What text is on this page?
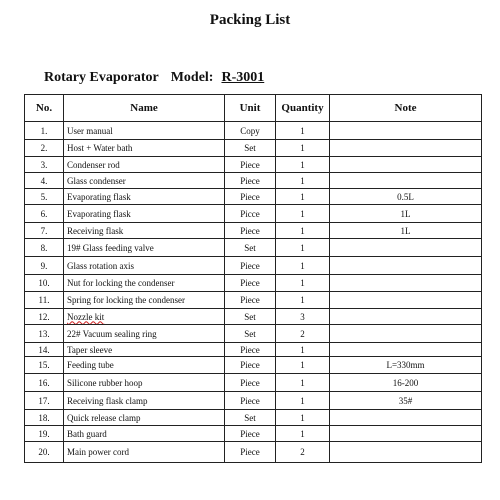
Packing List
Rotary Evaporator Model: R-3001
No.	Name	Unit	Quantity	Note
1.	User manual	Copy	1	
2.	Host + Water bath	Set	1	
3.	Condenser rod	Piece	1	
4.	Glass condenser	Piece	1	
5.	Evaporating flask	Piece	1	0.5L
6.	Evaporating flask	Picce	1	1L
7.	Receiving flask	Piece	1	1L
8.	19# Glass feeding valve	Set	1	
9.	Glass rotation axis	Piece	1	
10.	Nut for locking the condenser	Piece	1	
11.	Spring for locking the condenser	Piece	1	
12.	Nozzle kit	Set	3	
13.	22# Vacuum sealing ring	Set	2	
14.	Taper sleeve	Piece	1	
15.	Feeding tube	Piece	1	L=330mm
16.	Silicone rubber hoop	Piece	1	16-200
17.	Receiving flask clamp	Piece	1	35#
18.	Quick release clamp	Set	1	
19.	Bath guard	Piece	1	
20.	Main power cord	Piece	2	
